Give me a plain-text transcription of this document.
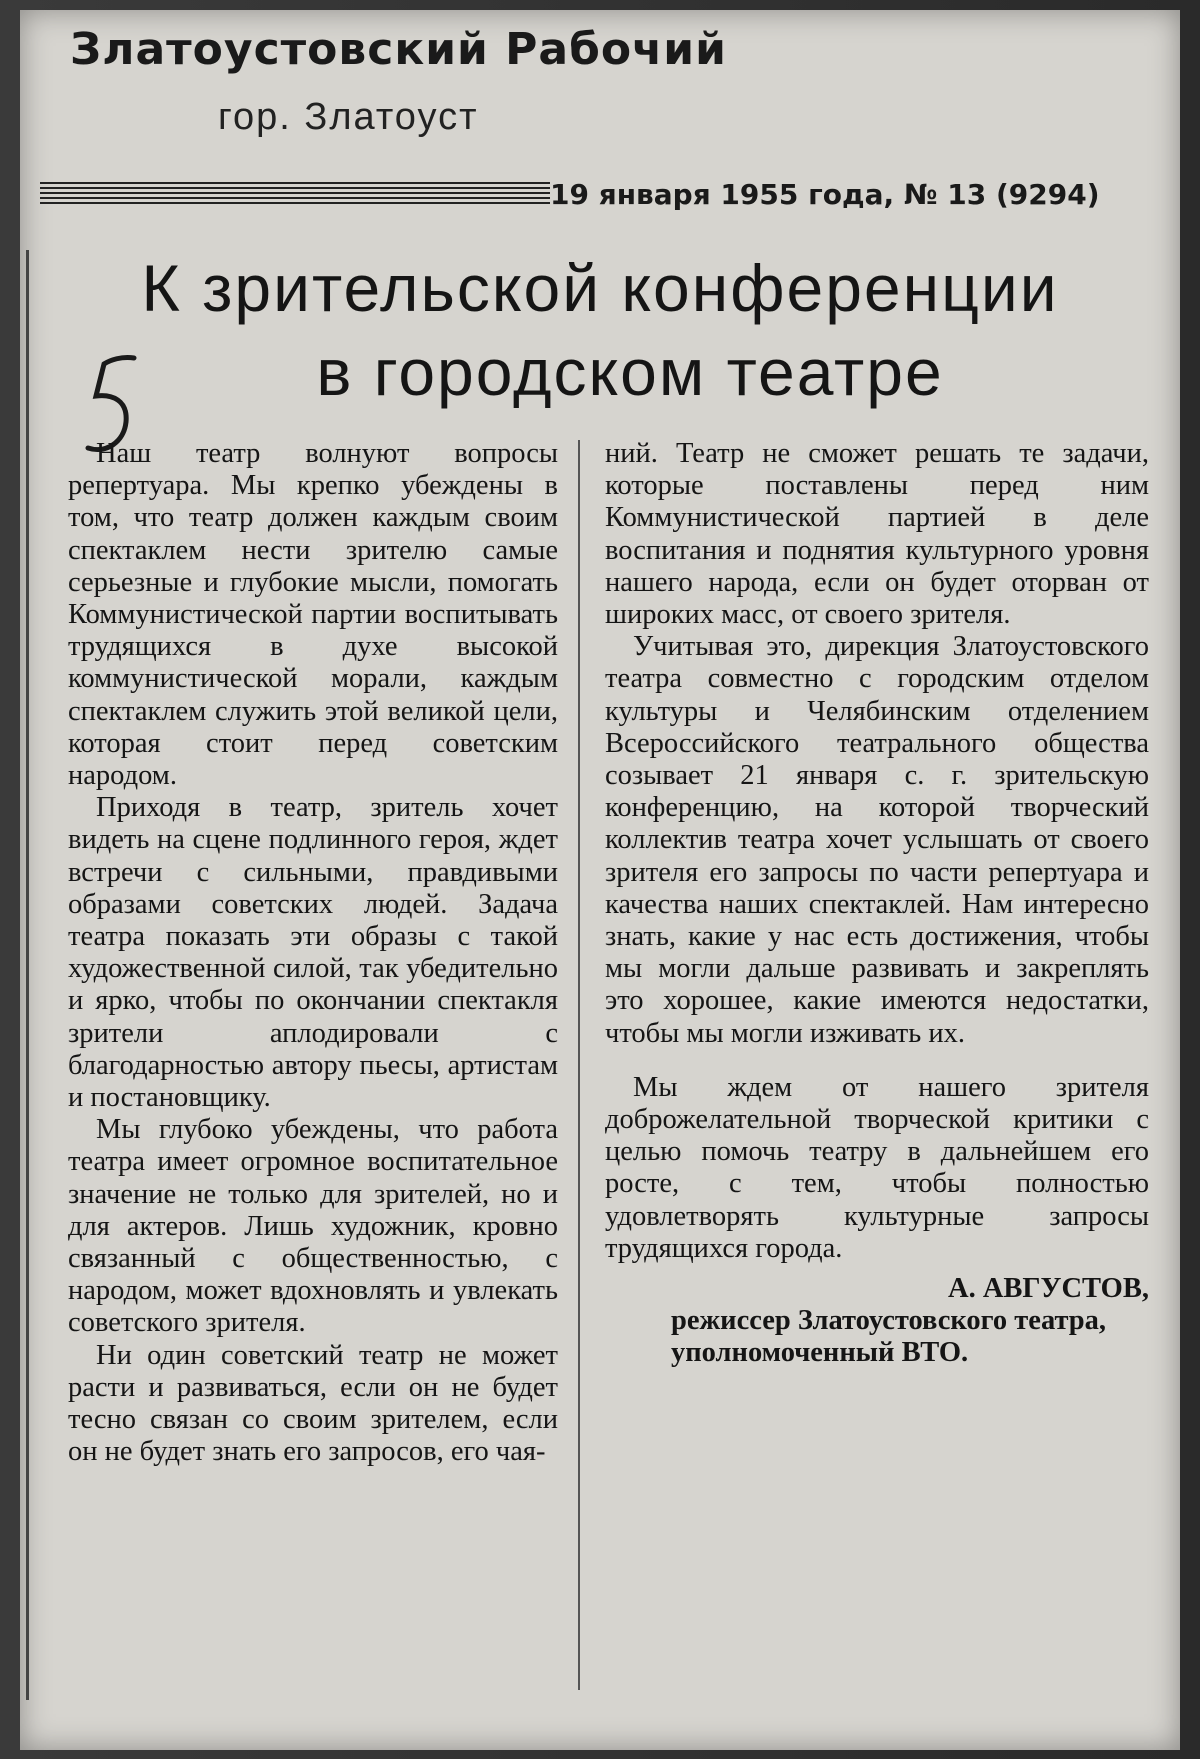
Златоустовский Рабочий
гор. Златоуст
19 января 1955 года, № 13 (9294)
К зрительской конференции
в городском театре

Наш театр волнуют вопросы репертуара. Мы крепко убеждены в том, что театр должен каждым своим спектаклем нести зрителю самые серьезные и глубокие мысли, помогать Коммунистической партии воспитывать трудящихся в духе высокой коммунистической морали, каждым спектаклем служить этой великой цели, которая стоит перед советским народом.

Приходя в театр, зритель хочет видеть на сцене подлинного героя, ждет встречи с сильными, правдивыми образами советских людей. Задача театра показать эти образы с такой художественной силой, так убедительно и ярко, чтобы по окончании спектакля зрители аплодировали с благодарностью автору пьесы, артистам и постановщику.

Мы глубоко убеждены, что работа театра имеет огромное воспитательное значение не только для зрителей, но и для актеров. Лишь художник, кровно связанный с общественностью, с народом, может вдохновлять и увлекать советского зрителя.

Ни один советский театр не может расти и развиваться, если он не будет тесно связан со своим зрителем, если он не будет знать его запросов, его чая-

ний. Театр не сможет решать те задачи, которые поставлены перед ним Коммунистической партией в деле воспитания и поднятия культурного уровня нашего народа, если он будет оторван от широких масс, от своего зрителя.

Учитывая это, дирекция Златоустовского театра совместно с городским отделом культуры и Челябинским отделением Всероссийского театрального общества созывает 21 января с. г. зрительскую конференцию, на которой творческий коллектив театра хочет услышать от своего зрителя его запросы по части репертуара и качества наших спектаклей. Нам интересно знать, какие у нас есть достижения, чтобы мы могли дальше развивать и закреплять это хорошее, какие имеются недостатки, чтобы мы могли изживать их.

Мы ждем от нашего зрителя доброжелательной творческой критики с целью помочь театру в дальнейшем его росте, с тем, чтобы полностью удовлетворять культурные запросы трудящихся города.

А. АВГУСТОВ,
режиссер Златоустовского театра, уполномоченный ВТО.
